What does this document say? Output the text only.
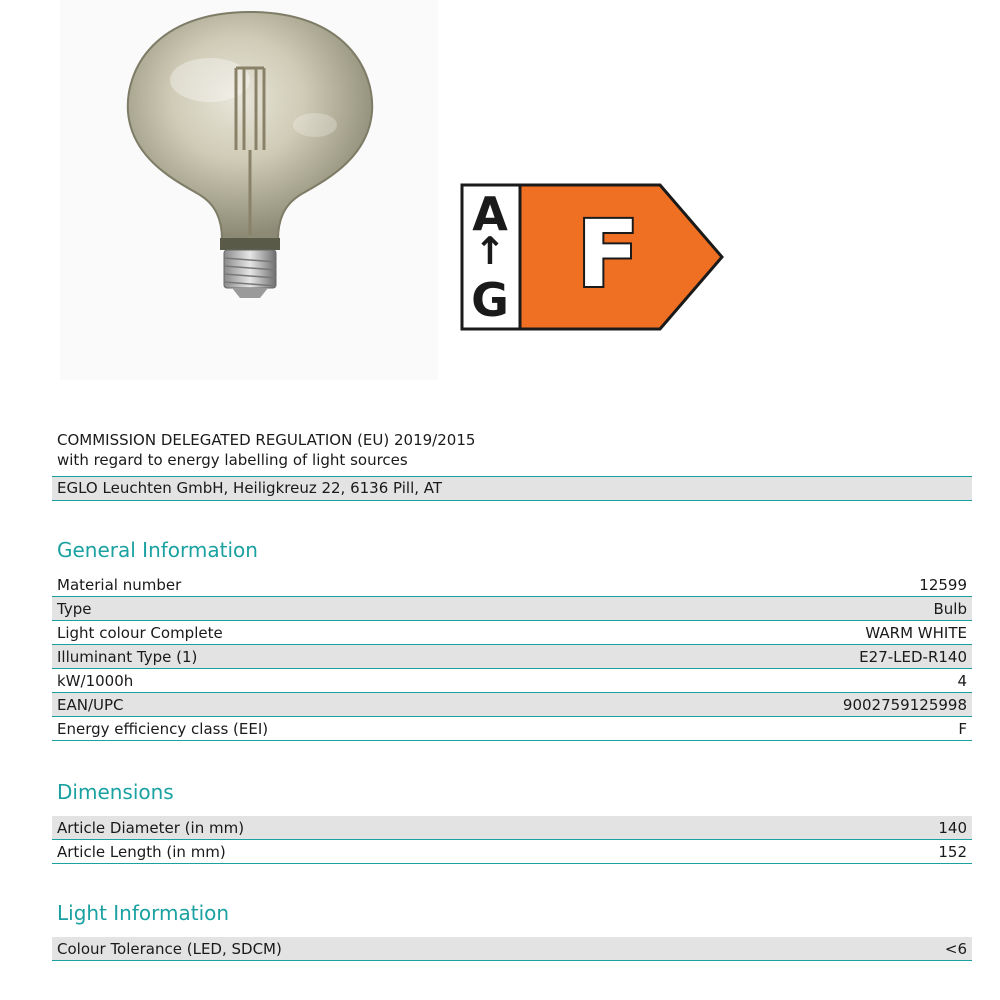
A
↑
G F
COMMISSION DELEGATED REGULATION (EU) 2019/2015
with regard to energy labelling of light sources
EGLO Leuchten GmbH, Heiligkreuz 22, 6136 Pill, AT
General Information
Material number	12599
Type	Bulb
Light colour Complete	WARM WHITE
Illuminant Type (1)	E27-LED-R140
kW/1000h	4
EAN/UPC	9002759125998
Energy efficiency class (EEI)	F
Dimensions
Article Diameter (in mm)	140
Article Length (in mm)	152
Light Information
Colour Tolerance (LED, SDCM)	<6
